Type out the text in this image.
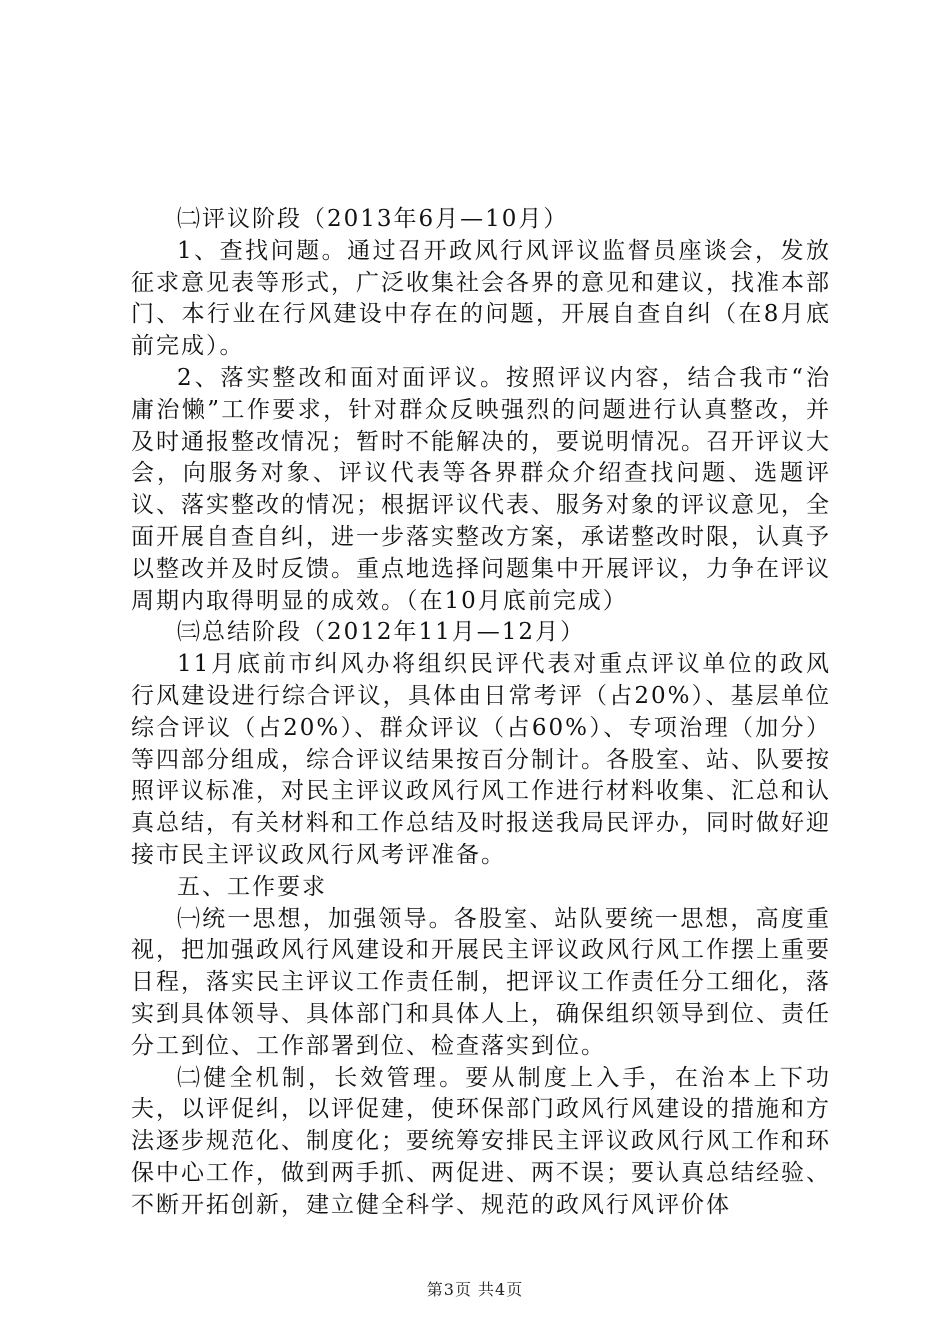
㈡评议阶段（2013年6月—10月）

1、查找问题。通过召开政风行风评议监督员座谈会，发放征求意见表等形式，广泛收集社会各界的意见和建议，找准本部门、本行业在行风建设中存在的问题，开展自查自纠（在8月底前完成）。

2、落实整改和面对面评议。按照评议内容，结合我市“治庸治懒”工作要求，针对群众反映强烈的问题进行认真整改，并及时通报整改情况；暂时不能解决的，要说明情况。召开评议大会，向服务对象、评议代表等各界群众介绍查找问题、选题评议、落实整改的情况；根据评议代表、服务对象的评议意见，全面开展自查自纠，进一步落实整改方案，承诺整改时限，认真予以整改并及时反馈。重点地选择问题集中开展评议，力争在评议周期内取得明显的成效。（在10月底前完成）

㈢总结阶段（2012年11月—12月）

11月底前市纠风办将组织民评代表对重点评议单位的政风行风建设进行综合评议，具体由日常考评（占20%）、基层单位综合评议（占20%）、群众评议（占60%）、专项治理（加分）等四部分组成，综合评议结果按百分制计。各股室、站、队要按照评议标准，对民主评议政风行风工作进行材料收集、汇总和认真总结，有关材料和工作总结及时报送我局民评办，同时做好迎接市民主评议政风行风考评准备。

五、工作要求

㈠统一思想，加强领导。各股室、站队要统一思想，高度重视，把加强政风行风建设和开展民主评议政风行风工作摆上重要日程，落实民主评议工作责任制，把评议工作责任分工细化，落实到具体领导、具体部门和具体人上，确保组织领导到位、责任分工到位、工作部署到位、检查落实到位。

㈡健全机制，长效管理。要从制度上入手，在治本上下功夫，以评促纠，以评促建，使环保部门政风行风建设的措施和方法逐步规范化、制度化；要统筹安排民主评议政风行风工作和环保中心工作，做到两手抓、两促进、两不误；要认真总结经验、不断开拓创新，建立健全科学、规范的政风行风评价体

第3页 共4页
